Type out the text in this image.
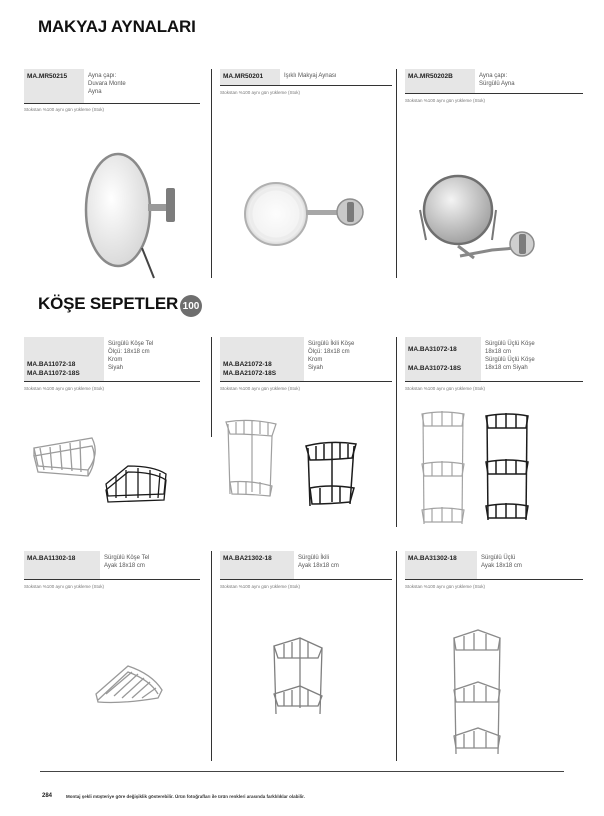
MAKYAJ AYNALARI
KÖŞE SEPETLER 100
MA.MR50215	Ayna çapı:
Duvara Monte
Ayna
Stokstan %100 aynı gün yükleme (Stok)
MA.MR50201	Işıklı Makyaj Aynası
Stokstan %100 aynı gün yükleme (Stok)
MA.MR50202B	Ayna çapı:
Sürgülü Ayna
Stokstan %100 aynı gün yükleme (Stok)
MA.BA11072-18
MA.BA11072-18S
Sürgülü Köşe Tel
Ölçü: 18x18 cm
Krom
Siyah
Stokstan %100 aynı gün yükleme (Stok)
MA.BA21072-18
MA.BA21072-18S
Sürgülü İkili Köşe
Ölçü: 18x18 cm
Krom
Siyah
Stokstan %100 aynı gün yükleme (Stok)
MA.BA31072-18
MA.BA31072-18S
Sürgülü Üçlü Köşe
18x18 cm
Sürgülü Üçlü Köşe
18x18 cm Siyah
Stokstan %100 aynı gün yükleme (Stok)
MA.BA11302-18	Sürgülü Köşe Tel
Ayak 18x18 cm
Stokstan %100 aynı gün yükleme (Stok)
MA.BA21302-18	Sürgülü İkili
Ayak 18x18 cm
Stokstan %100 aynı gün yükleme (Stok)
MA.BA31302-18	Sürgülü Üçlü
Ayak 18x18 cm
Stokstan %100 aynı gün yükleme (Stok)
284	Montaj şekli müşteriye göre değişiklik gösterebilir. Ürün fotoğrafları ile ürün renkleri arasında farklılıklar olabilir.
